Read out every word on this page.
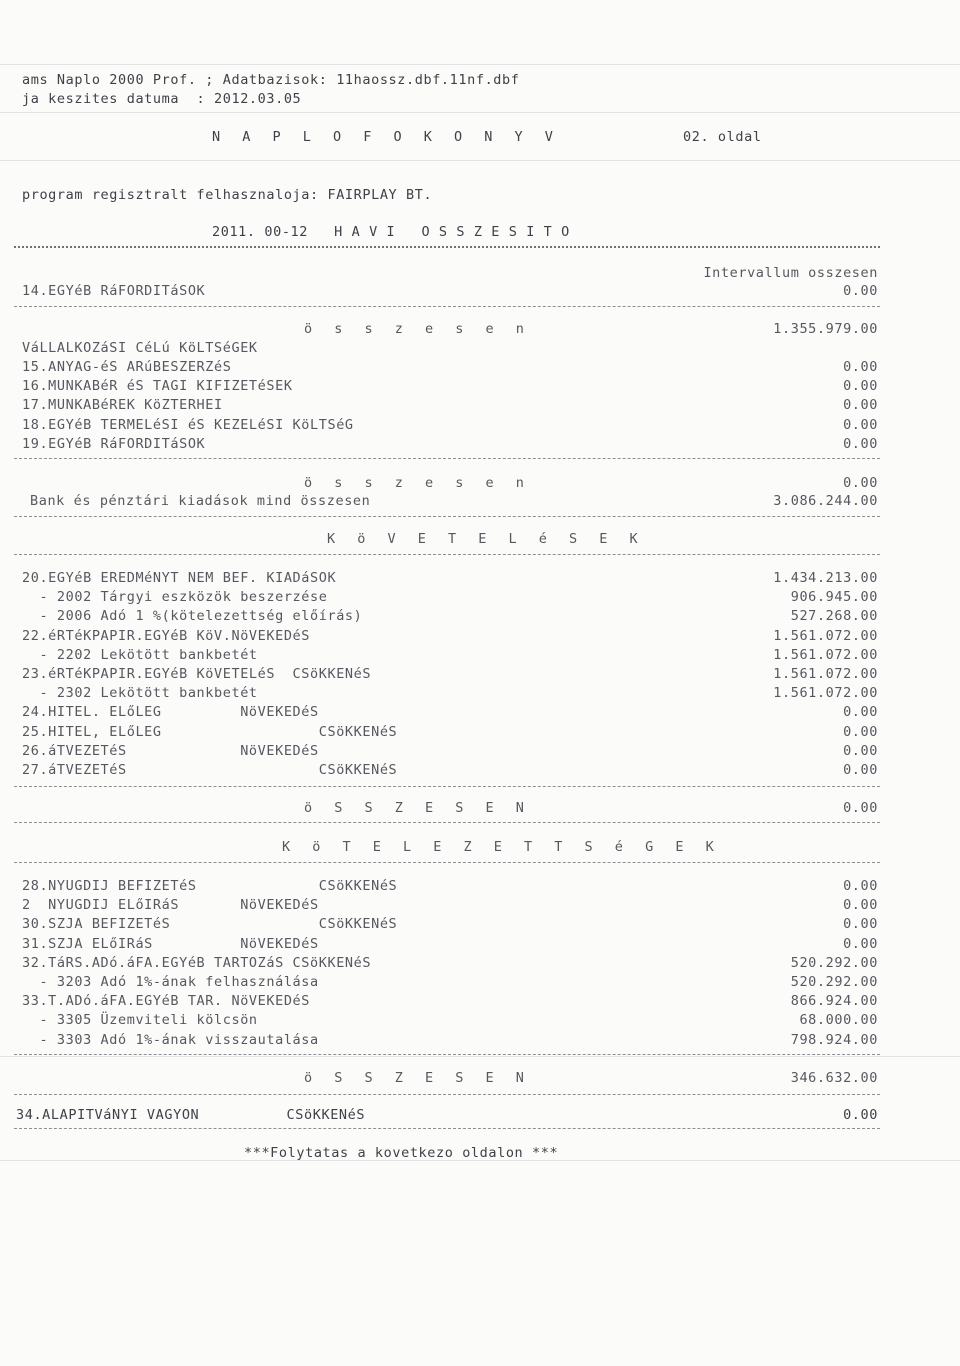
ams Naplo 2000 Prof. ; Adatbazisok: 11haossz.dbf.11nf.dbf
ja keszites datuma  : 2012.03.05
N A P L O F O K O N Y V	02. oldal
program regisztralt felhasznaloja: FAIRPLAY BT.
2011. 00-12   H A V I   O S S Z E S I T O
Intervallum osszesen
14.EGYéB RáFORDITáSOK	0.00
ö s s z e s e n	1.355.979.00
VáLLALKOZáSI CéLú KöLTSéGEK
15.ANYAG-éS ARúBESZERZéS	0.00
16.MUNKABéR éS TAGI KIFIZETéSEK	0.00
17.MUNKABéREK KöZTERHEI	0.00
18.EGYéB TERMELéSI éS KEZELéSI KöLTSéG	0.00
19.EGYéB RáFORDITáSOK	0.00
ö s s z e s e n	0.00
Bank és pénztári kiadások mind összesen	3.086.244.00
K ö V E T E L é S E K
20.EGYéB EREDMéNYT NEM BEF. KIADáSOK	1.434.213.00
- 2002 Tárgyi eszközök beszerzése	906.945.00
- 2006 Adó 1 %(kötelezettség előírás)	527.268.00
22.éRTéKPAPIR.EGYéB KöV.NöVEKEDéS	1.561.072.00
- 2202 Lekötött bankbetét	1.561.072.00
23.éRTéKPAPIR.EGYéB KöVETELéS  CSöKKENéS	1.561.072.00
- 2302 Lekötött bankbetét	1.561.072.00
24.HITEL. ELőLEG         NöVEKEDéS	0.00
25.HITEL, ELőLEG                  CSöKKENéS	0.00
26.áTVEZETéS             NöVEKEDéS	0.00
27.áTVEZETéS                      CSöKKENéS	0.00
ö S S Z E S E N	0.00
K ö T E L E Z E T T S é G E K
28.NYUGDIJ BEFIZETéS              CSöKKENéS	0.00
2  NYUGDIJ ELőIRáS       NöVEKEDéS	0.00
30.SZJA BEFIZETéS                 CSöKKENéS	0.00
31.SZJA ELőIRáS          NöVEKEDéS	0.00
32.TáRS.ADó.áFA.EGYéB TARTOZáS CSöKKENéS	520.292.00
- 3203 Adó 1%-ának felhasználása	520.292.00
33.T.ADó.áFA.EGYéB TAR. NöVEKEDéS	866.924.00
- 3305 Üzemviteli kölcsön	68.000.00
- 3303 Adó 1%-ának visszautalása	798.924.00
ö S S Z E S E N	346.632.00
34.ALAPITVáNYI VAGYON          CSöKKENéS	0.00
***Folytatas a kovetkezo oldalon ***
